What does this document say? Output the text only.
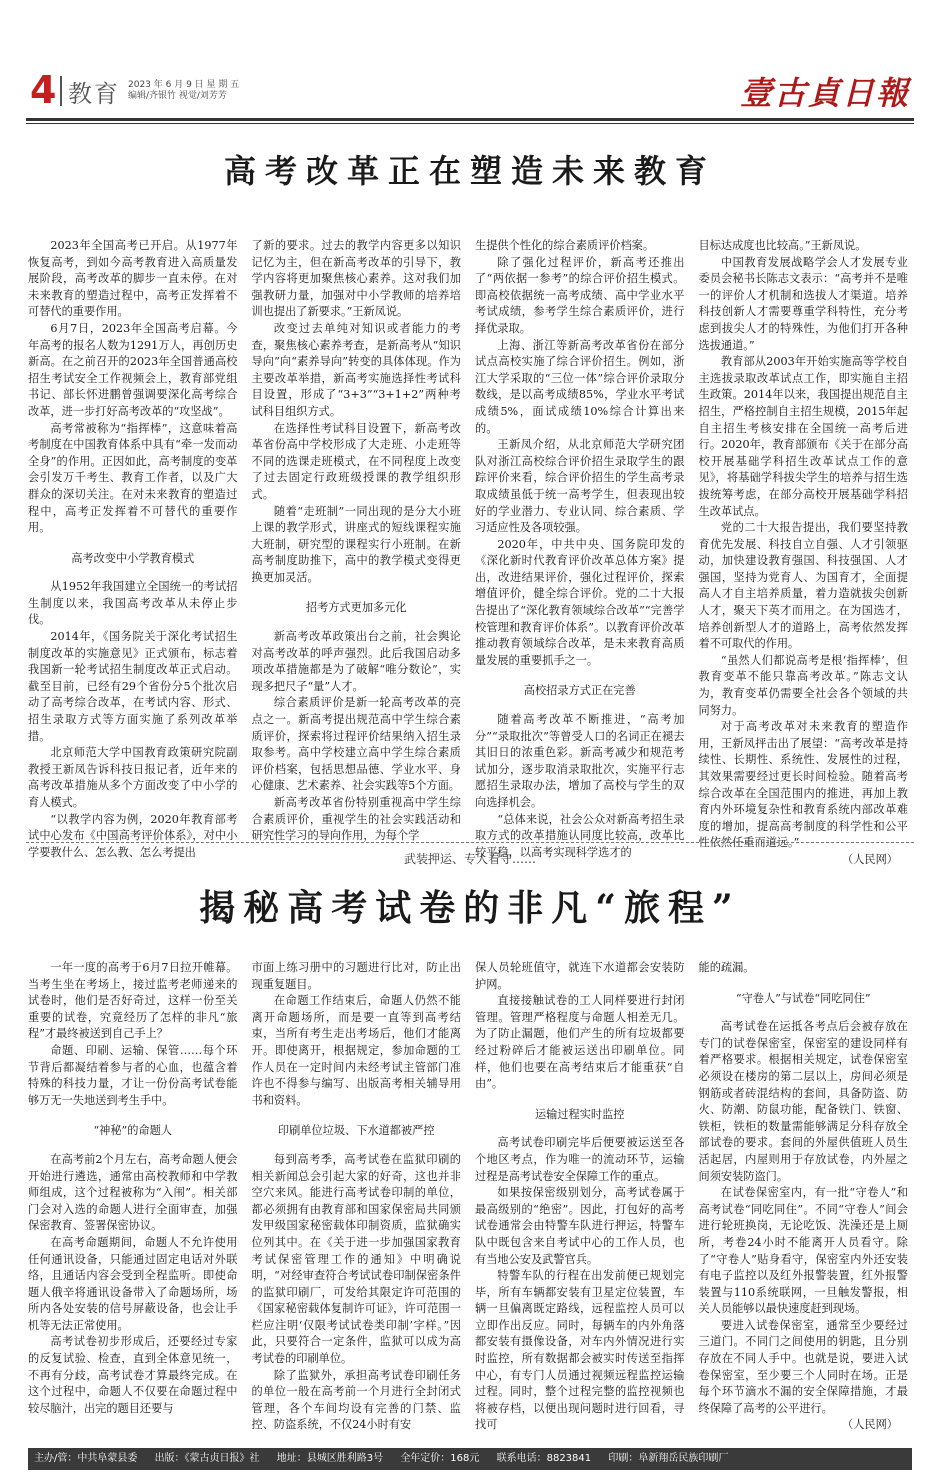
4 教育 2023 年 6 月 9 日 星 期 五
编辑/齐银竹 视觉/刘芳芳	壹古貞日報
高考改革正在塑造未来教育

2023年全国高考已开启。从1977年恢复高考，到如今高考教育进入高质量发展阶段，高考改革的脚步一直未停。在对未来教育的塑造过程中，高考正发挥着不可替代的重要作用。

6月7日，2023年全国高考启幕。今年高考的报名人数为1291万人，再创历史新高。在之前召开的2023年全国普通高校招生考试安全工作视频会上，教育部党组书记、部长怀进鹏曾强调要深化高考综合改革，进一步打好高考改革的“攻坚战”。

高考常被称为“指挥棒”，这意味着高考制度在中国教育体系中具有“牵一发而动全身”的作用。正因如此，高考制度的变革会引发万千考生、教育工作者，以及广大群众的深切关注。在对未来教育的塑造过程中，高考正发挥着不可替代的重要作用。

高考改变中小学教育模式

从1952年我国建立全国统一的考试招生制度以来，我国高考改革从未停止步伐。

2014年，《国务院关于深化考试招生制度改革的实施意见》正式颁布，标志着我国新一轮考试招生制度改革正式启动。截至目前，已经有29个省份分5个批次启动了高考综合改革，在考试内容、形式、招生录取方式等方面实施了系列改革举措。

北京师范大学中国教育政策研究院副教授王新凤告诉科技日报记者，近年来的高考改革措施从多个方面改变了中小学的育人模式。

“以教学内容为例，2020年教育部考试中心发布《中国高考评价体系》，对中小学要教什么、怎么教、怎么考提出

了新的要求。过去的教学内容更多以知识记忆为主，但在新高考改革的引导下，教学内容将更加聚焦核心素养。这对我们加强教研力量，加强对中小学教师的培养培训也提出了新要求。”王新凤说。

改变过去单纯对知识或者能力的考查，聚焦核心素养考查，是新高考从“知识导向”向“素养导向”转变的具体体现。作为主要改革举措，新高考实施选择性考试科目设置，形成了“3+3”“3+1+2”两种考试科目组织方式。

在选择性考试科目设置下，新高考改革省份高中学校形成了大走班、小走班等不同的选课走班模式，在不同程度上改变了过去固定行政班级授课的教学组织形式。

随着“走班制”一同出现的是分大小班上课的教学形式，讲座式的短线课程实施大班制，研究型的课程实行小班制。在新高考制度助推下，高中的教学模式变得更换更加灵活。

招考方式更加多元化

新高考改革政策出台之前，社会舆论对高考改革的呼声强烈。此后我国启动多项改革措施都是为了破解“唯分数论”，实现多把尺子“量”人才。

综合素质评价是新一轮高考改革的亮点之一。新高考提出规范高中学生综合素质评价，探索将过程评价结果纳入招生录取参考。高中学校建立高中学生综合素质评价档案，包括思想品德、学业水平、身心健康、艺术素养、社会实践等5个方面。

新高考改革省份特别重视高中学生综合素质评价，重视学生的社会实践活动和研究性学习的导向作用，为每个学

生提供个性化的综合素质评价档案。

除了强化过程评价，新高考还推出了“两依据一参考”的综合评价招生模式。即高校依据统一高考成绩、高中学业水平考试成绩，参考学生综合素质评价，进行择优录取。

上海、浙江等新高考改革省份在部分试点高校实施了综合评价招生。例如，浙江大学采取的“三位一体”综合评价录取分数线，是以高考成绩85%，学业水平考试成绩5%，面试成绩10%综合计算出来的。

王新凤介绍，从北京师范大学研究团队对浙江高校综合评价招生录取学生的跟踪评价来看，综合评价招生的学生高考录取成绩虽低于统一高考学生，但表现出较好的学业潜力、专业认同、综合素质、学习适应性及各项较强。

2020年，中共中央、国务院印发的《深化新时代教育评价改革总体方案》提出，改进结果评价，强化过程评价，探索增值评价，健全综合评价。党的二十大报告提出了“深化教育领域综合改革”“完善学校管理和教育评价体系”。以教育评价改革推动教育领域综合改革，是未来教育高质量发展的重要抓手之一。

高校招录方式正在完善

随着高考改革不断推进，“高考加分”“录取批次”等曾受人口的名词正在褪去其旧日的浓重色彩。新高考减少和规范考试加分，逐步取消录取批次，实施平行志愿招生录取办法，增加了高校与学生的双向选择机会。

“总体来说，社会公众对新高考招生录取方式的改革措施认同度比较高，改革比较平稳，以高考实现科学选才的

目标达成度也比较高。”王新凤说。

中国教育发展战略学会人才发展专业委员会秘书长陈志文表示：“高考并不是唯一的评价人才机制和选拔人才渠道。培养科技创新人才需要尊重学科特性，充分考虑到拔尖人才的特殊性，为他们打开各种选拔通道。”

教育部从2003年开始实施高等学校自主选拔录取改革试点工作，即实施自主招生政策。2014年以来，我国提出规范自主招生，严格控制自主招生规模，2015年起自主招生考核安排在全国统一高考后进行。2020年，教育部颁布《关于在部分高校开展基础学科招生改革试点工作的意见》，将基础学科拔尖学生的培养与招生选拔统筹考虑，在部分高校开展基础学科招生改革试点。

党的二十大报告提出，我们要坚持教育优先发展、科技自立自强、人才引领驱动，加快建设教育强国、科技强国、人才强国，坚持为党育人、为国育才，全面提高人才自主培养质量，着力造就拔尖创新人才，聚天下英才而用之。在为国选才，培养创新型人才的道路上，高考依然发挥着不可取代的作用。

“虽然人们都说高考是根‘指挥棒’，但教育变革不能只靠高考改革。”陈志文认为，教育变革仍需要全社会各个领域的共同努力。

对于高考改革对未来教育的塑造作用，王新凤抨击出了展望：“高考改革是持续性、长期性、系统性、发展性的过程，其效果需要经过更长时间检验。随着高考综合改革在全国范围内的推进，再加上教育内外环境复杂性和教育系统内部改革难度的增加，提高高考制度的科学性和公平性依然任重而道远。”

（人民网）

武装押运、专人看守……
揭秘高考试卷的非凡“旅程”

一年一度的高考于6月7日拉开帷幕。当考生坐在考场上，接过监考老师递来的试卷时，他们是否好奇过，这样一份至关重要的试卷，究竟经历了怎样的非凡“旅程”才最终被送到自己手上？

命题、印刷、运输、保管……每个环节背后都凝结着参与者的心血，也蕴含着特殊的科技力量，才让一份份高考试卷能够万无一失地送到考生手中。

“神秘”的命题人

在高考前2个月左右，高考命题人便会开始进行遴选，通常由高校教师和中学教师组成，这个过程被称为“入闱”。相关部门会对入选的命题人进行全面审查，加强保密教育、签署保密协议。

在高考命题期间，命题人不允许使用任何通讯设备，只能通过固定电话对外联络，且通话内容会受到全程监听。即使命题人俄辛将通讯设备带入了命题场所，场所内各处安装的信号屏蔽设备，也会让手机等无法正常使用。

高考试卷初步形成后，还要经过专家的反复试验、检查，直到全体意见统一，不再有分歧，高考试卷才算最终完成。在这个过程中，命题人不仅要在命题过程中较尽脑汁，出完的题目还要与

市面上练习册中的习题进行比对，防止出现重复题目。

在命题工作结束后，命题人仍然不能离开命题场所，而是要一直等到高考结束，当所有考生走出考场后，他们才能离开。即使离开，根据规定，参加命题的工作人员在一定时间内未经考试主管部门准许也不得参与编写、出版高考相关辅导用书和资料。

印刷单位垃圾、下水道都被严控

每到高考季，高考试卷在监狱印刷的相关新闻总会引起大家的好奇，这也并非空穴来风。能进行高考试卷印制的单位，都必须拥有由教育部和国家保密局共同颁发甲级国家秘密载体印制资质，监狱确实位列其中。在《关于进一步加强国家教育考试保密管理工作的通知》中明确说明，“对经审查符合考试试卷印制保密条件的监狱印刷厂，可发给其限定许可范围的《国家秘密载体复制许可证》，许可范围一栏应注明‘仅限考试试卷类印制’字样。”因此，只要符合一定条件，监狱可以成为高考试卷的印刷单位。

除了监狱外，承担高考试卷印刷任务的单位一般在高考前一个月进行全封闭式管理，各个车间均设有完善的门禁、监控、防盗系统，不仅24小时有安

保人员轮班值守，就连下水道都会安装防护网。

直接接触试卷的工人同样要进行封闭管理。管理严格程度与命题人相差无几。为了防止漏题，他们产生的所有垃圾都要经过粉碎后才能被运送出印刷单位。同样，他们也要在高考结束后才能重获“自由”。

运输过程实时监控

高考试卷印刷完毕后便要被运送至各个地区考点，作为唯一的流动环节，运输过程是高考试卷安全保障工作的重点。

如果按保密级别划分，高考试卷属于最高级别的“绝密”。因此，打包好的高考试卷通常会由特警车队进行押运，特警车队中既包含来自考试中心的工作人员，也有当地公安及武警官兵。

特警车队的行程在出发前便已规划完毕，所有车辆都安装有卫星定位装置，车辆一旦偏离既定路线，远程监控人员可以立即作出反应。同时，每辆车的内外角落都安装有摄像设备，对车内外情况进行实时监控，所有数据都会被实时传送至指挥中心，有专门人员通过视频远程监控运输过程。同时，整个过程完整的监控视频也将被存档，以便出现问题时进行回看，寻找可

能的疏漏。

“守卷人”与试卷“同吃同住”

高考试卷在运抵各考点后会被存放在专门的试卷保密室，保密室的建设同样有着严格要求。根据相关规定，试卷保密室必须设在楼房的第二层以上，房间必须是钢筋或者砖混结构的套间，具备防盗、防火、防潮、防鼠功能，配备铁门、铁窗、铁柜，铁柜的数量需能够满足分科存放全部试卷的要求。套间的外屋供值班人员生活起居，内屋则用于存放试卷，内外屋之间须安装防盗门。

在试卷保密室内，有一批“守卷人”和高考试卷“同吃同住”。不同“守卷人”间会进行轮班换岗，无论吃饭、洗澡还是上厕所，考卷24小时不能离开人员看守。除了“守卷人”贴身看守，保密室内外还安装有电子监控以及红外报警装置，红外报警装置与110系统联网，一旦触发警报，相关人员能够以最快速度赶到现场。

要进入试卷保密室，通常至少要经过三道门。不同门之间使用的钥匙，且分别存放在不同人手中。也就是说，要进入试卷保密室，至少要三个人同时在场。正是每个环节滴水不漏的安全保障措施，才最终保障了高考的公平进行。

（人民网）

主办/管：中共阜蒙县委 出版：《蒙古贞日报》社 地址：县城区胜利路3号 全年定价：168元 联系电话：8823841 印刷：阜新翔岳民族印刷厂
